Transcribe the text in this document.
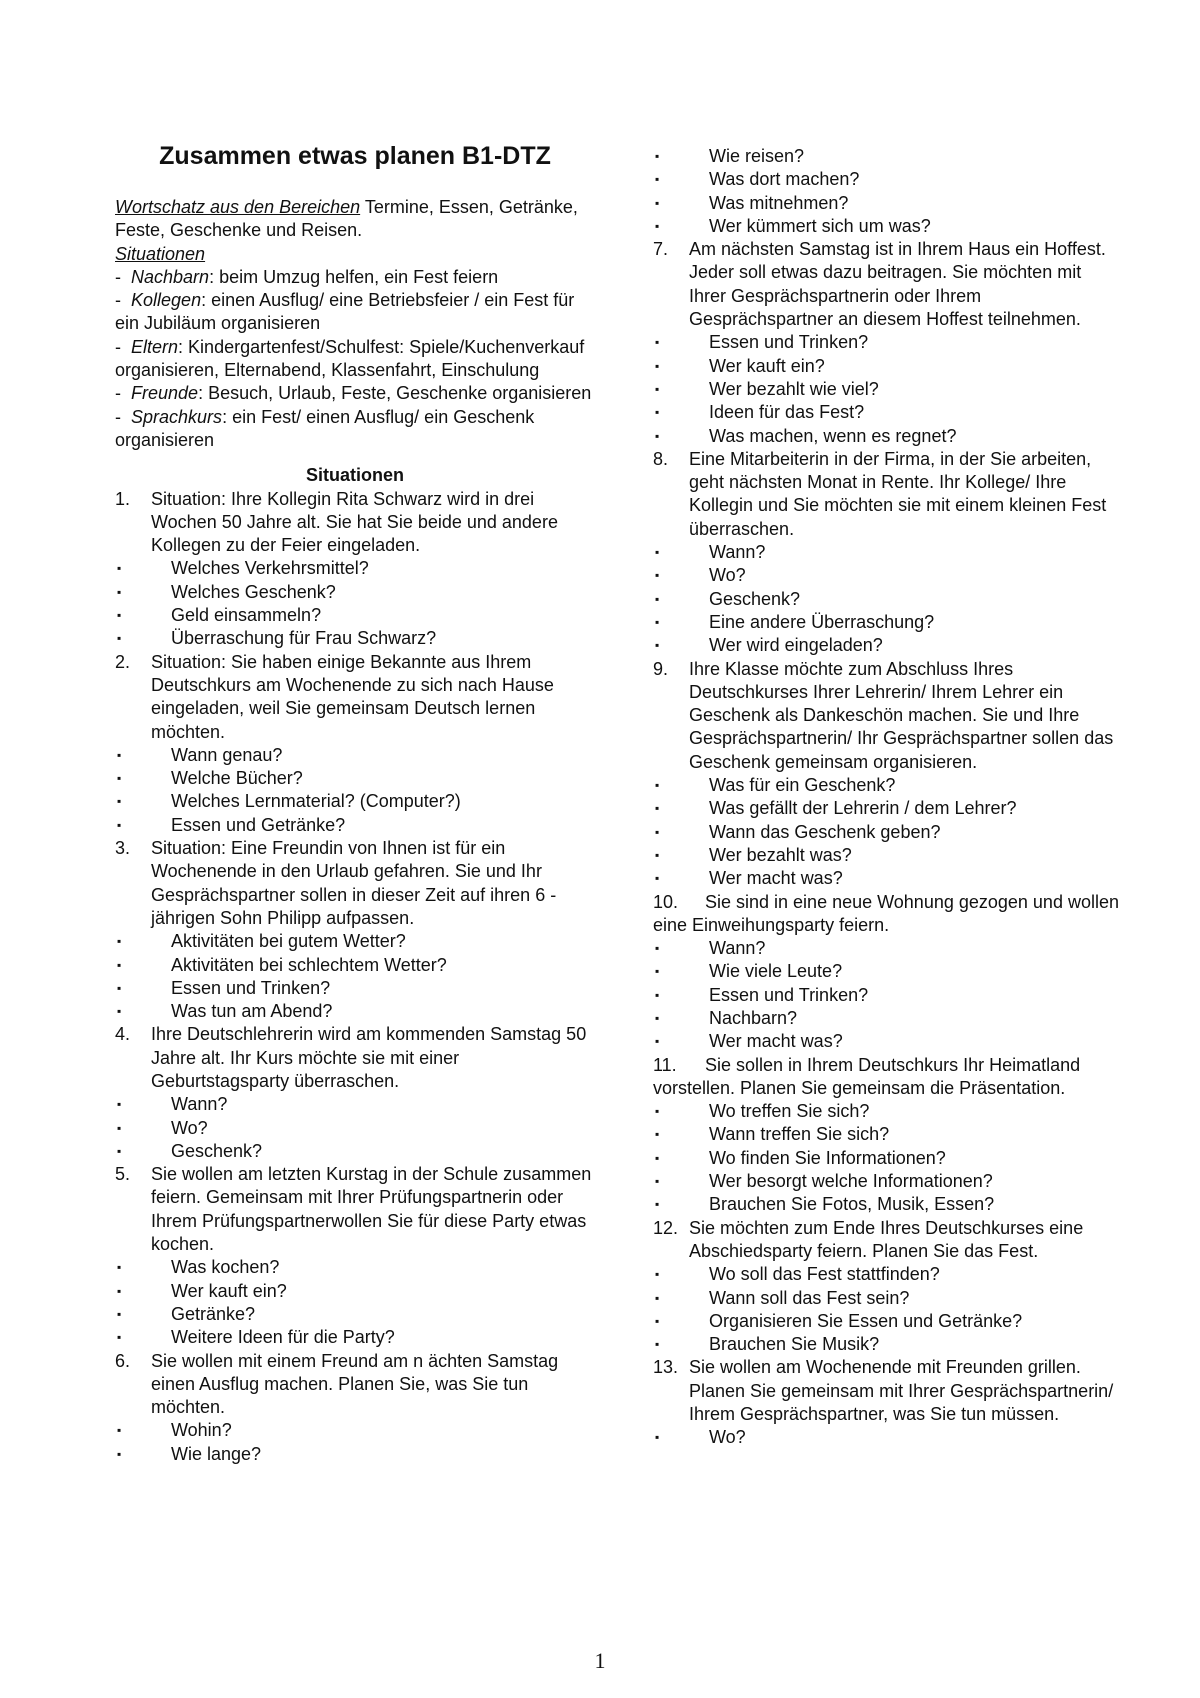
Zusammen etwas planen B1-DTZ

Wortschatz aus den Bereichen Termine, Essen, Getränke, Feste, Geschenke und Reisen.

Situationen

- Nachbarn: beim Umzug helfen, ein Fest feiern

- Kollegen: einen Ausflug/ eine Betriebsfeier / ein Fest für ein Jubiläum organisieren

- Eltern: Kindergartenfest/Schulfest: Spiele/Kuchenverkauf organisieren, Elternabend, Klassenfahrt, Einschulung

- Freunde: Besuch, Urlaub, Feste, Geschenke organisieren

- Sprachkurs: ein Fest/ einen Ausflug/ ein Geschenk organisieren

Situationen
1.	Situation: Ihre Kollegin Rita Schwarz wird in drei Wochen 50 Jahre alt. Sie hat Sie beide und andere Kollegen zu der Feier eingeladen.
▪	Welches Verkehrsmittel?
▪	Welches Geschenk?
▪	Geld einsammeln?
▪	Überraschung für Frau Schwarz?
2.	Situation: Sie haben einige Bekannte aus Ihrem Deutschkurs am Wochenende zu sich nach Hause eingeladen, weil Sie gemeinsam Deutsch lernen möchten.
▪	Wann genau?
▪	Welche Bücher?
▪	Welches Lernmaterial? (Computer?)
▪	Essen und Getränke?
3.	Situation: Eine Freundin von Ihnen ist für ein Wochenende in den Urlaub gefahren. Sie und Ihr Gesprächspartner sollen in dieser Zeit auf ihren 6 -jährigen Sohn Philipp aufpassen.
▪	Aktivitäten bei gutem Wetter?
▪	Aktivitäten bei schlechtem Wetter?
▪	Essen und Trinken?
▪	Was tun am Abend?
4.	Ihre Deutschlehrerin wird am kommenden Samstag 50 Jahre alt. Ihr Kurs möchte sie mit einer Geburtstagsparty überraschen.
▪	Wann?
▪	Wo?
▪	Geschenk?
5.	Sie wollen am letzten Kurstag in der Schule zusammen feiern. Gemeinsam mit Ihrer Prüfungspartnerin oder Ihrem Prüfungspartnerwollen Sie für diese Party etwas kochen.
▪	Was kochen?
▪	Wer kauft ein?
▪	Getränke?
▪	Weitere Ideen für die Party?
6.	Sie wollen mit einem Freund am n ächten Samstag einen Ausflug machen. Planen Sie, was Sie tun möchten.
▪	Wohin?
▪	Wie lange?
▪	Wie reisen?
▪	Was dort machen?
▪	Was mitnehmen?
▪	Wer kümmert sich um was?
7.	Am nächsten Samstag ist in Ihrem Haus ein Hoffest. Jeder soll etwas dazu beitragen. Sie möchten mit Ihrer Gesprächspartnerin oder Ihrem Gesprächspartner an diesem Hoffest teilnehmen.
▪	Essen und Trinken?
▪	Wer kauft ein?
▪	Wer bezahlt wie viel?
▪	Ideen für das Fest?
▪	Was machen, wenn es regnet?
8.	Eine Mitarbeiterin in der Firma, in der Sie arbeiten, geht nächsten Monat in Rente. Ihr Kollege/ Ihre Kollegin und Sie möchten sie mit einem kleinen Fest überraschen.
▪	Wann?
▪	Wo?
▪	Geschenk?
▪	Eine andere Überraschung?
▪	Wer wird eingeladen?
9.	Ihre Klasse möchte zum Abschluss Ihres Deutschkurses Ihrer Lehrerin/ Ihrem Lehrer ein Geschenk als Dankeschön machen. Sie und Ihre Gesprächspartnerin/ Ihr Gesprächspartner sollen das Geschenk gemeinsam organisieren.
▪	Was für ein Geschenk?
▪	Was gefällt der Lehrerin / dem Lehrer?
▪	Wann das Geschenk geben?
▪	Wer bezahlt was?
▪	Wer macht was?
10. Sie sind in eine neue Wohnung gezogen und wollen eine Einweihungsparty feiern.
▪	Wann?
▪	Wie viele Leute?
▪	Essen und Trinken?
▪	Nachbarn?
▪	Wer macht was?
11. Sie sollen in Ihrem Deutschkurs Ihr Heimatland vorstellen. Planen Sie gemeinsam die Präsentation.
▪	Wo treffen Sie sich?
▪	Wann treffen Sie sich?
▪	Wo finden Sie Informationen?
▪	Wer besorgt welche Informationen?
▪	Brauchen Sie Fotos, Musik, Essen?
12. Sie möchten zum Ende Ihres Deutschkurses eine Abschiedsparty feiern. Planen Sie das Fest.
▪	Wo soll das Fest stattfinden?
▪	Wann soll das Fest sein?
▪	Organisieren Sie Essen und Getränke?
▪	Brauchen Sie Musik?
13. Sie wollen am Wochenende mit Freunden grillen. Planen Sie gemeinsam mit Ihrer Gesprächspartnerin/ Ihrem Gesprächspartner, was Sie tun müssen.
▪	Wo?
1
